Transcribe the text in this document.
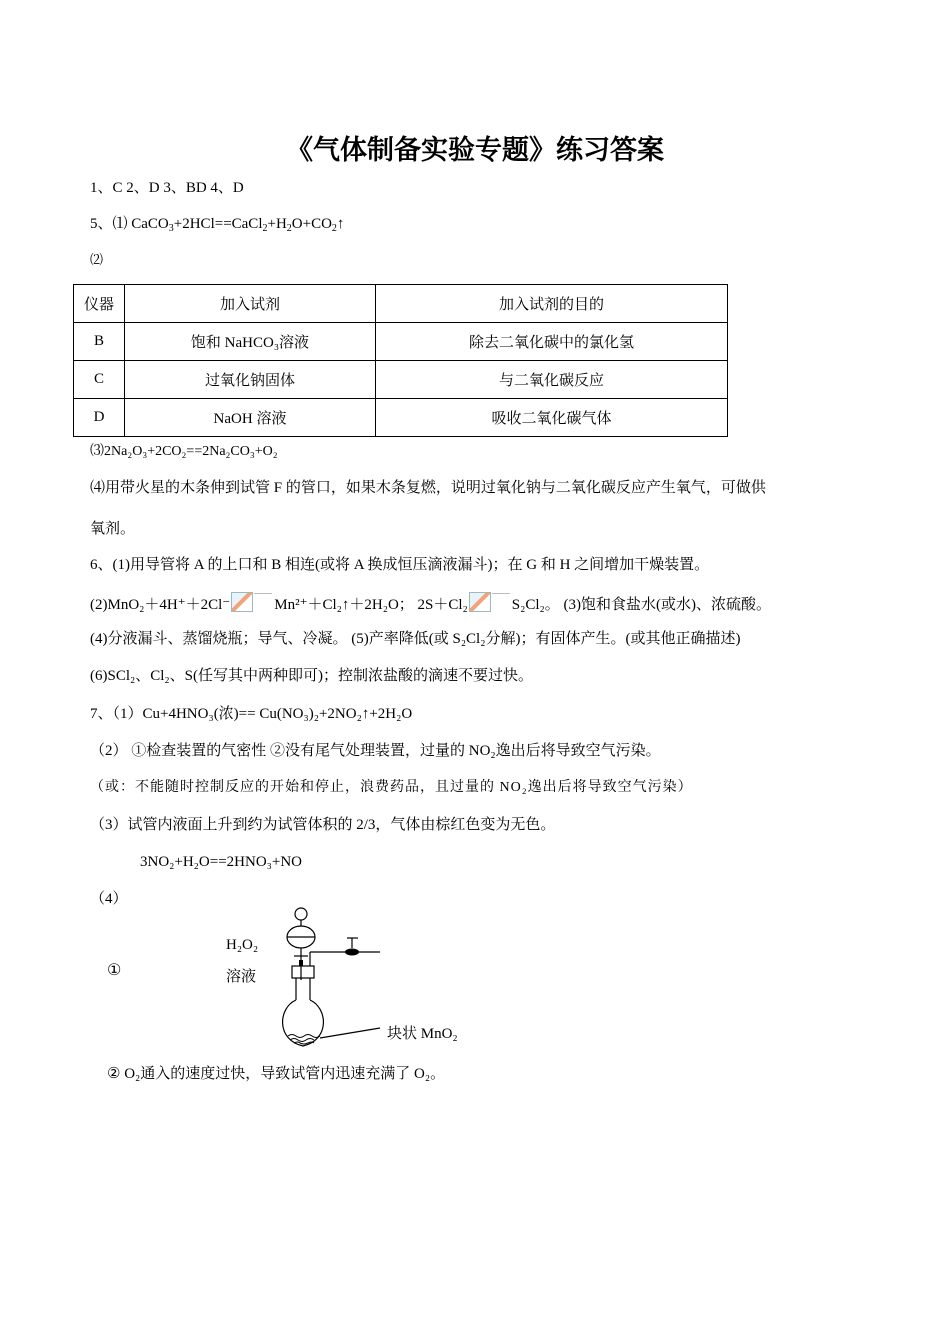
《气体制备实验专题》练习答案
1、C 2、D 3、BD 4、D
5、⑴ $CaCO_3+2HCl==CaCl_2+H_2O+CO_2↑$
⑵
仪器	加入试剂	加入试剂的目的
B	饱和 NaHCO₃溶液	除去二氧化碳中的氯化氢
C	过氧化钠固体	与二氧化碳反应
D	NaOH 溶液	吸收二氧化碳气体
⑶2Na₂O₃+2CO₂==2Na₂CO₃+O₂
⑷用带火星的木条伸到试管 F 的管口，如果木条复燃，说明过氧化钠与二氧化碳反应产生氧气，可做供
氧剂。
6、(1)用导管将 A 的上口和 B 相连(或将 A 换成恒压滴液漏斗)；在 G 和 H 之间增加干燥装置。
(2)MnO₂＋4H⁺＋2Cl⁻	Mn²⁺＋Cl₂↑＋2H₂O； 2S＋Cl₂	S₂Cl₂。 (3)饱和食盐水(或水)、浓硫酸。
(4)分液漏斗、蒸馏烧瓶；导气、冷凝。 (5)产率降低(或 S₂Cl₂分解)；有固体产生。(或其他正确描述)
(6)SCl₂、Cl₂、S(任写其中两种即可)；控制浓盐酸的滴速不要过快。
7、（1）Cu+4HNO₃(浓)== Cu(NO₃)₂+2NO₂↑+2H₂O
（2） ①检查装置的气密性 ②没有尾气处理装置，过量的 NO₂逸出后将导致空气污染。
（或：不能随时控制反应的开始和停止，浪费药品，且过量的 NO₂逸出后将导致空气污染）
（3）试管内液面上升到约为试管体积的 2/3，气体由棕红色变为无色。
3NO₂+H₂O==2HNO₃+NO
（4）
①
H₂O₂
溶液
块状 MnO₂
② O₂通入的速度过快，导致试管内迅速充满了 O₂。
